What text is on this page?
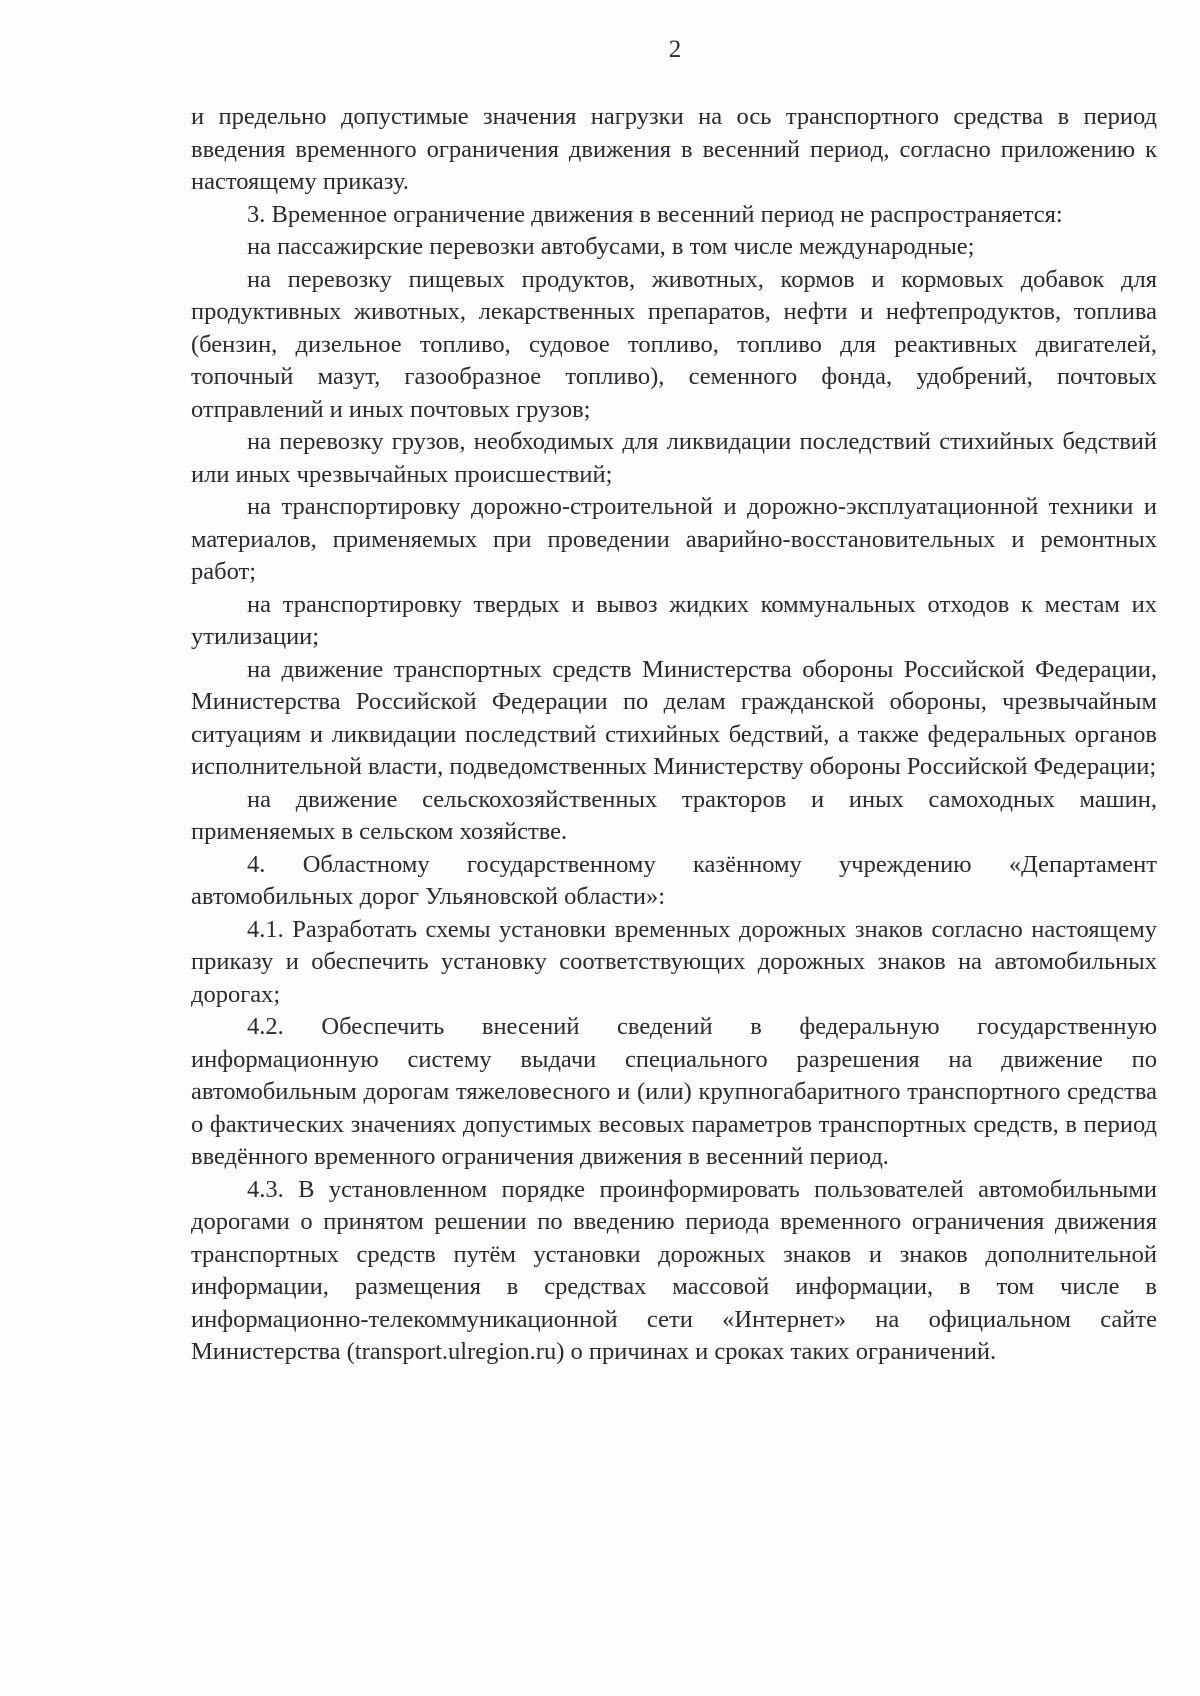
2

и предельно допустимые значения нагрузки на ось транспортного средства в период введения временного ограничения движения в весенний период, согласно приложению к настоящему приказу.

3. Временное ограничение движения в весенний период не распространяется:

на пассажирские перевозки автобусами, в том числе международные;

на перевозку пищевых продуктов, животных, кормов и кормовых добавок для продуктивных животных, лекарственных препаратов, нефти и нефтепродуктов, топлива (бензин, дизельное топливо, судовое топливо, топливо для реактивных двигателей, топочный мазут, газообразное топливо), семенного фонда, удобрений, почтовых отправлений и иных почтовых грузов;

на перевозку грузов, необходимых для ликвидации последствий стихийных бедствий или иных чрезвычайных происшествий;

на транспортировку дорожно-строительной и дорожно-эксплуатационной техники и материалов, применяемых при проведении аварийно-восстановительных и ремонтных работ;

на транспортировку твердых и вывоз жидких коммунальных отходов к местам их утилизации;

на движение транспортных средств Министерства обороны Российской Федерации, Министерства Российской Федерации по делам гражданской обороны, чрезвычайным ситуациям и ликвидации последствий стихийных бедствий, а также федеральных органов исполнительной власти, подведомственных Министерству обороны Российской Федерации;

на движение сельскохозяйственных тракторов и иных самоходных машин, применяемых в сельском хозяйстве.

4. Областному государственному казённому учреждению «Департамент автомобильных дорог Ульяновской области»:

4.1. Разработать схемы установки временных дорожных знаков согласно настоящему приказу и обеспечить установку соответствующих дорожных знаков на автомобильных дорогах;

4.2. Обеспечить внесений сведений в федеральную государственную информационную систему выдачи специального разрешения на движение по автомобильным дорогам тяжеловесного и (или) крупногабаритного транспортного средства о фактических значениях допустимых весовых параметров транспортных средств, в период введённого временного ограничения движения в весенний период.

4.3. В установленном порядке проинформировать пользователей автомобильными дорогами о принятом решении по введению периода временного ограничения движения транспортных средств путём установки дорожных знаков и знаков дополнительной информации, размещения в средствах массовой информации, в том числе в информационно-телекоммуникационной сети «Интернет» на официальном сайте Министерства (transport.ulregion.ru) о причинах и сроках таких ограничений.
